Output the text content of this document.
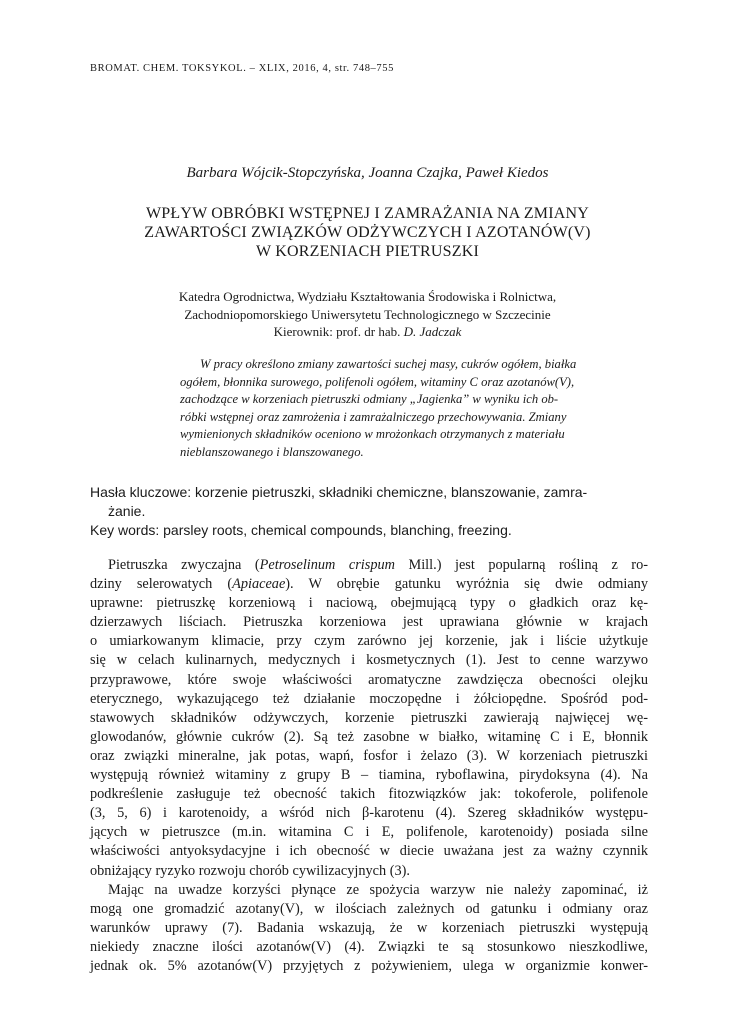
BROMAT. CHEM. TOKSYKOL. – XLIX, 2016, 4, str. 748–755
Barbara Wójcik-Stopczyńska, Joanna Czajka, Paweł Kiedos
WPŁYW OBRÓBKI WSTĘPNEJ I ZAMRAŻANIA NA ZMIANY
ZAWARTOŚCI ZWIĄZKÓW ODŻYWCZYCH I AZOTANÓW(V)
W KORZENIACH PIETRUSZKI
Katedra Ogrodnictwa, Wydziału Kształtowania Środowiska i Rolnictwa,
Zachodniopomorskiego Uniwersytetu Technologicznego w Szczecinie
Kierownik: prof. dr hab. D. Jadczak
W pracy określono zmiany zawartości suchej masy, cukrów ogółem, białka
ogółem, błonnika surowego, polifenoli ogółem, witaminy C oraz azotanów(V),
zachodzące w korzeniach pietruszki odmiany „Jagienka” w wyniku ich ob-
róbki wstępnej oraz zamrożenia i zamrażalniczego przechowywania. Zmiany
wymienionych składników oceniono w mrożonkach otrzymanych z materiału
nieblanszowanego i blanszowanego.
Hasła kluczowe: korzenie pietruszki, składniki chemiczne, blanszowanie, zamra-
żanie.
Key words: parsley roots, chemical compounds, blanching, freezing.
Pietruszka zwyczajna (Petroselinum crispum Mill.) jest popularną rośliną z ro-
dziny selerowatych (Apiaceae). W obrębie gatunku wyróżnia się dwie odmiany
uprawne: pietruszkę korzeniową i naciową, obejmującą typy o gładkich oraz kę-
dzierzawych liściach. Pietruszka korzeniowa jest uprawiana głównie w krajach
o umiarkowanym klimacie, przy czym zarówno jej korzenie, jak i liście użytkuje
się w celach kulinarnych, medycznych i kosmetycznych (1). Jest to cenne warzywo
przyprawowe, które swoje właściwości aromatyczne zawdzięcza obecności olejku
eterycznego, wykazującego też działanie moczopędne i żółciopędne. Spośród pod-
stawowych składników odżywczych, korzenie pietruszki zawierają najwięcej wę-
glowodanów, głównie cukrów (2). Są też zasobne w białko, witaminę C i E, błonnik
oraz związki mineralne, jak potas, wapń, fosfor i żelazo (3). W korzeniach pietruszki
występują również witaminy z grupy B – tiamina, ryboflawina, pirydoksyna (4). Na
podkreślenie zasługuje też obecność takich fitozwiązków jak: tokoferole, polifenole
(3, 5, 6) i karotenoidy, a wśród nich β-karotenu (4). Szereg składników występu-
jących w pietruszce (m.in. witamina C i E, polifenole, karotenoidy) posiada silne
właściwości antyoksydacyjne i ich obecność w diecie uważana jest za ważny czynnik
obniżający ryzyko rozwoju chorób cywilizacyjnych (3).
Mając na uwadze korzyści płynące ze spożycia warzyw nie należy zapominać, iż
mogą one gromadzić azotany(V), w ilościach zależnych od gatunku i odmiany oraz
warunków uprawy (7). Badania wskazują, że w korzeniach pietruszki występują
niekiedy znaczne ilości azotanów(V) (4). Związki te są stosunkowo nieszkodliwe,
jednak ok. 5% azotanów(V) przyjętych z pożywieniem, ulega w organizmie konwer-
